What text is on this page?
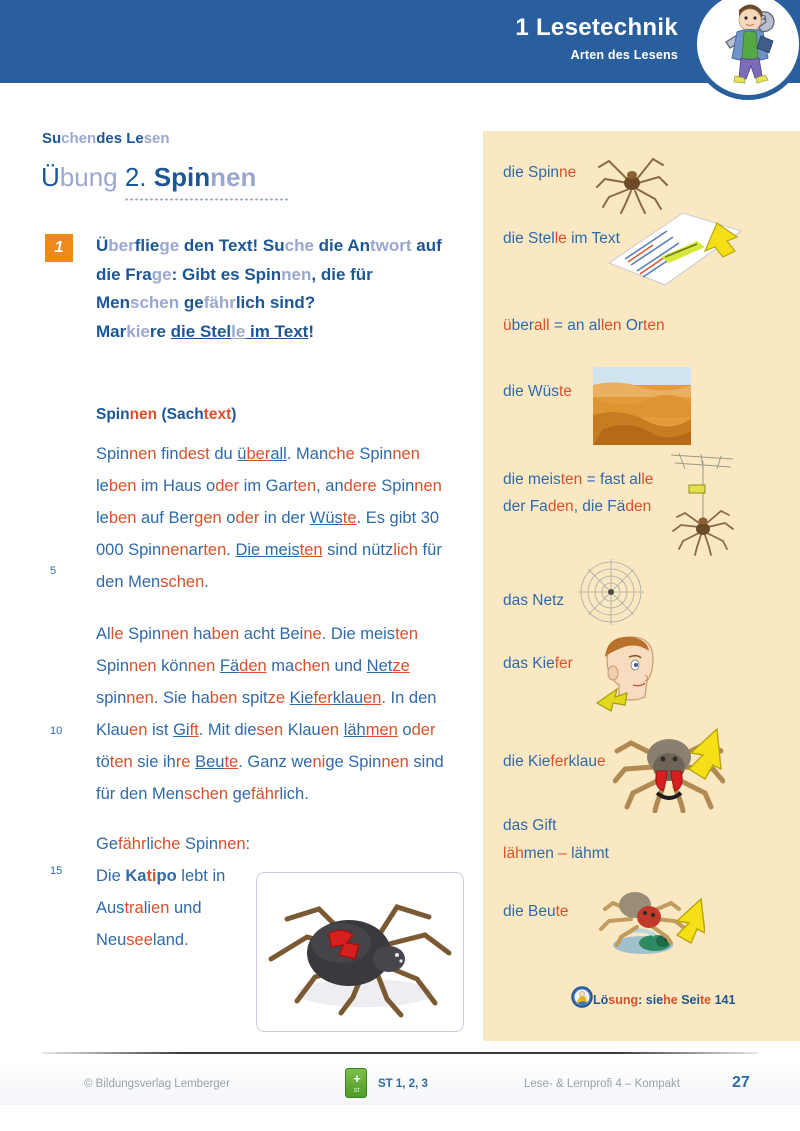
1 Lesetechnik
Arten des Lesens
Suchendes Lesen
Übung 2. Spinnen
1	Überfliege den Text! Suche die Antwort auf die Frage: Gibt es Spinnen, die für Menschen gefährlich sind?
Markiere die Stelle im Text!
Spinnen (Sachtext)
Spinnen findest du überall. Manche Spinnen leben im Haus oder im Garten, andere Spinnen leben auf Bergen oder in der Wüste. Es gibt 30 000 Spinnenarten. Die meisten sind nützlich für den Menschen.
Alle Spinnen haben acht Beine. Die meisten Spinnen können Fäden machen und Netze spinnen. Sie haben spitze Kieferklauen. In den Klauen ist Gift. Mit diesen Klauen lähmen oder töten sie ihre Beute. Ganz wenige Spinnen sind für den Menschen gefährlich.
Gefährliche Spinnen:
Die Katipo lebt in Australien und Neuseeland.
5
10
15
die Spinne
die Stelle im Text
überall = an allen Orten
die Wüste
die meisten = fast alle
der Faden, die Fäden
das Netz
das Kiefer
die Kieferklaue
das Gift
lähmen – lähmt
die Beute
Lösung: siehe Seite 141
© Bildungsverlag Lemberger	+
ST
ST 1, 2, 3	Lese- & Lernprofi 4 – Kompakt	27
